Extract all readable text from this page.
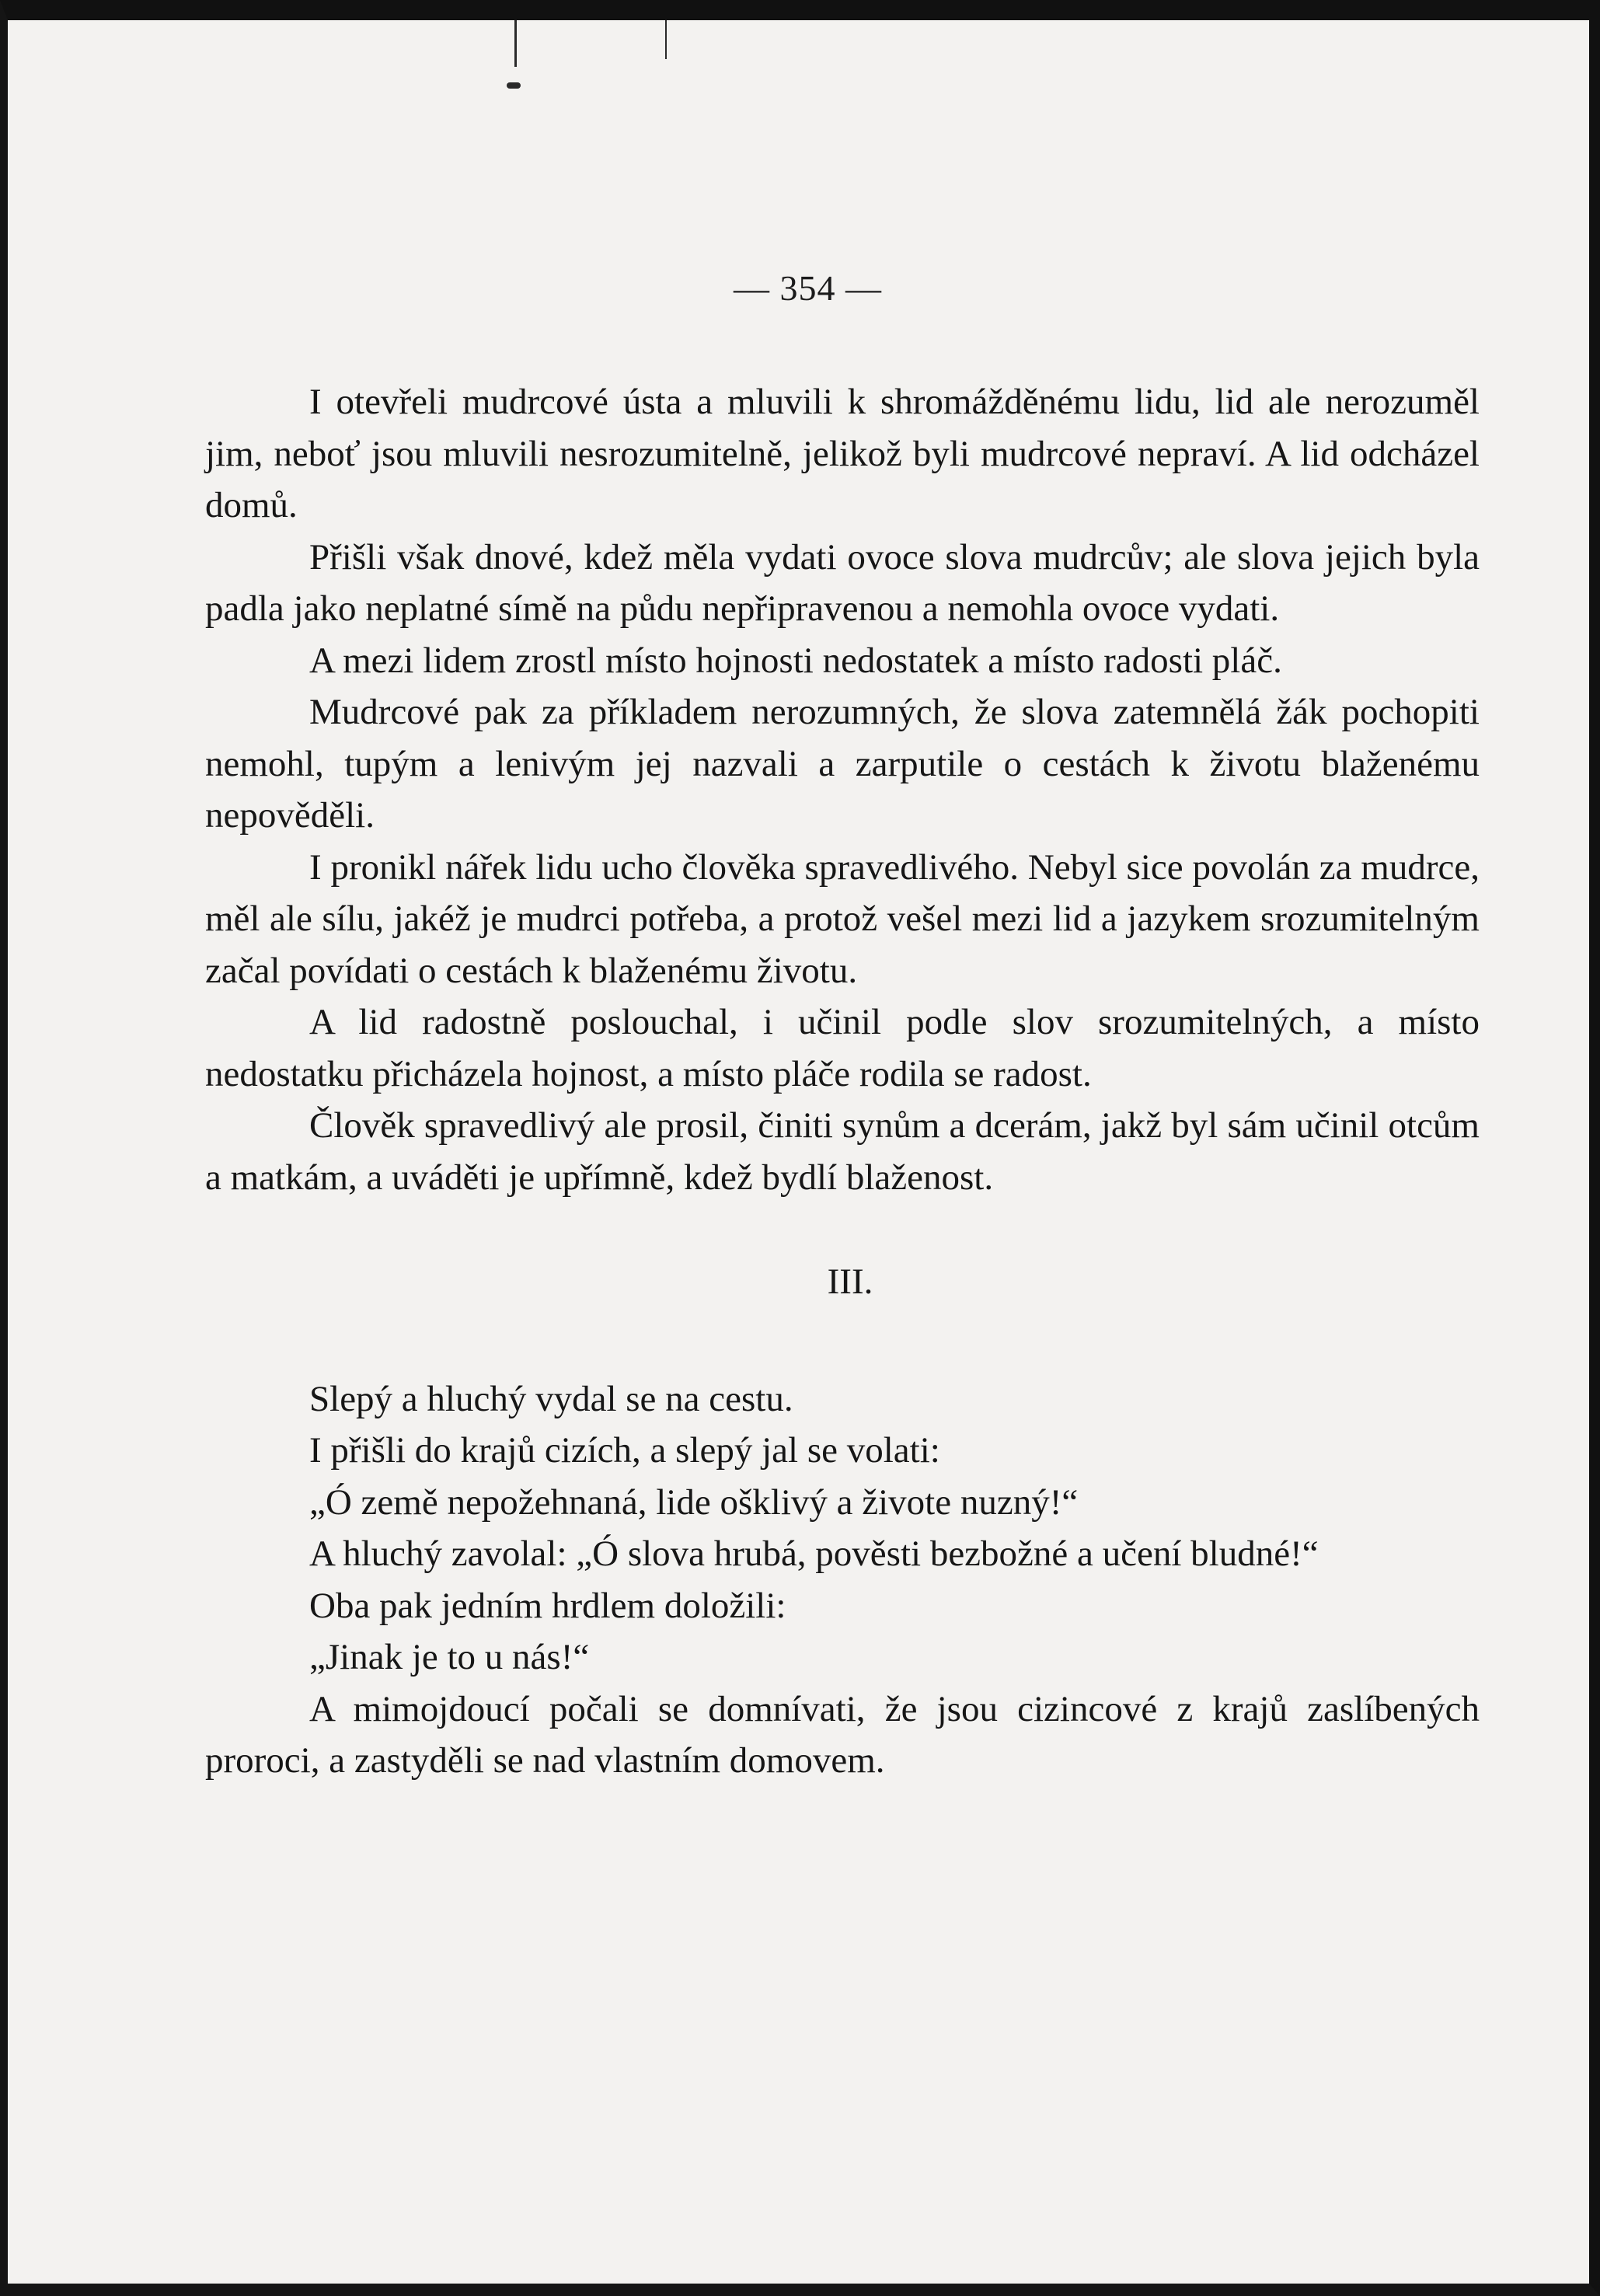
— 354 —

I otevřeli mudrcové ústa a mluvili k shromážděnému lidu, lid ale nerozuměl jim, neboť jsou mluvili nesrozumitelně, jelikož byli mudrcové nepraví. A lid odcházel domů.

Přišli však dnové, kdež měla vydati ovoce slova mudrcův; ale slova jejich byla padla jako neplatné símě na půdu nepřipravenou a nemohla ovoce vydati.

A mezi lidem zrostl místo hojnosti nedostatek a místo radosti pláč.

Mudrcové pak za příkladem nerozumných, že slova zatemnělá žák pochopiti nemohl, tupým a lenivým jej nazvali a zarputile o cestách k životu blaženému nepověděli.

I pronikl nářek lidu ucho člověka spravedlivého. Nebyl sice povolán za mudrce, měl ale sílu, jakéž je mudrci potřeba, a protož vešel mezi lid a jazykem srozumitelným začal povídati o cestách k blaženému životu.

A lid radostně poslouchal, i učinil podle slov srozumitelných, a místo nedostatku přicházela hojnost, a místo pláče rodila se radost.

Člověk spravedlivý ale prosil, činiti synům a dcerám, jakž byl sám učinil otcům a matkám, a uváděti je upřímně, kdež bydlí blaženost.

III.

Slepý a hluchý vydal se na cestu.

I přišli do krajů cizích, a slepý jal se volati:

„Ó země nepožehnaná, lide ošklivý a živote nuzný!“

A hluchý zavolal: „Ó slova hrubá, pověsti bezbožné a učení bludné!“

Oba pak jedním hrdlem doložili:

„Jinak je to u nás!“

A mimojdoucí počali se domnívati, že jsou cizincové z krajů zaslíbených proroci, a zastyděli se nad vlastním domovem.
